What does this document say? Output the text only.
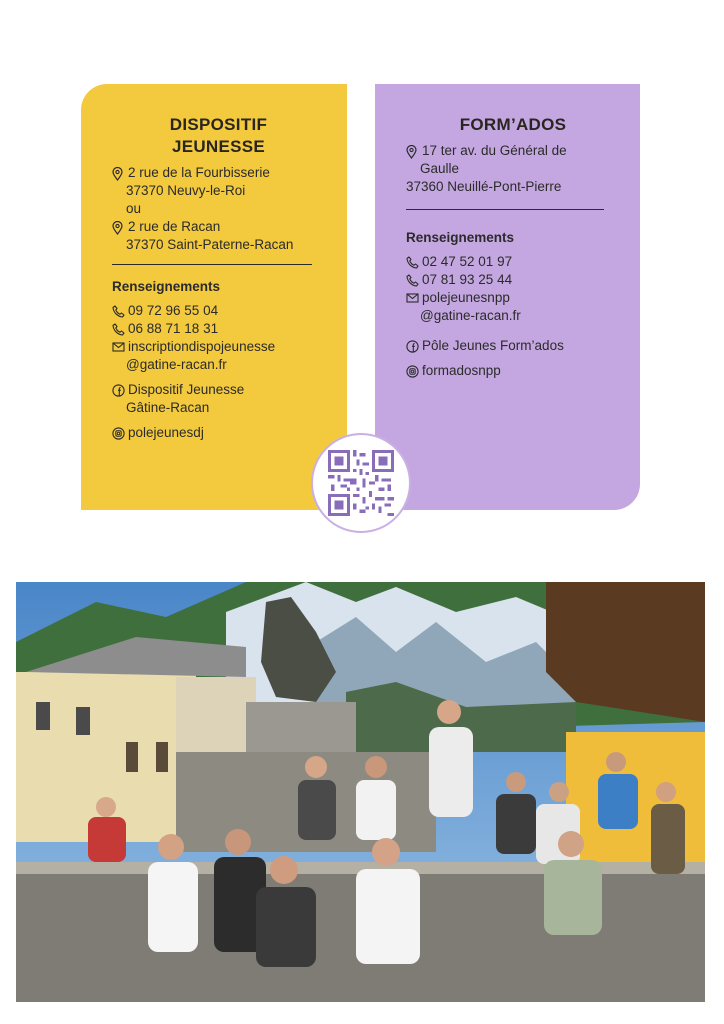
DISPOSITIF
JEUNESSE
2 rue de la Fourbisserie
37370 Neuvy-le-Roi
ou
2 rue de Racan
37370 Saint-Paterne-Racan
Renseignements
09 72 96 55 04
06 88 71 18 31
inscriptiondispojeunesse
@gatine-racan.fr
Dispositif Jeunesse
Gâtine-Racan
polejeunesdj
FORM’ADOS
17 ter av. du Général de
Gaulle
37360 Neuillé-Pont-Pierre
Renseignements
02 47 52 01 97
07 81 93 25 44
polejeunesnpp
@gatine-racan.fr
Pôle Jeunes Form’ados
formadosnpp
